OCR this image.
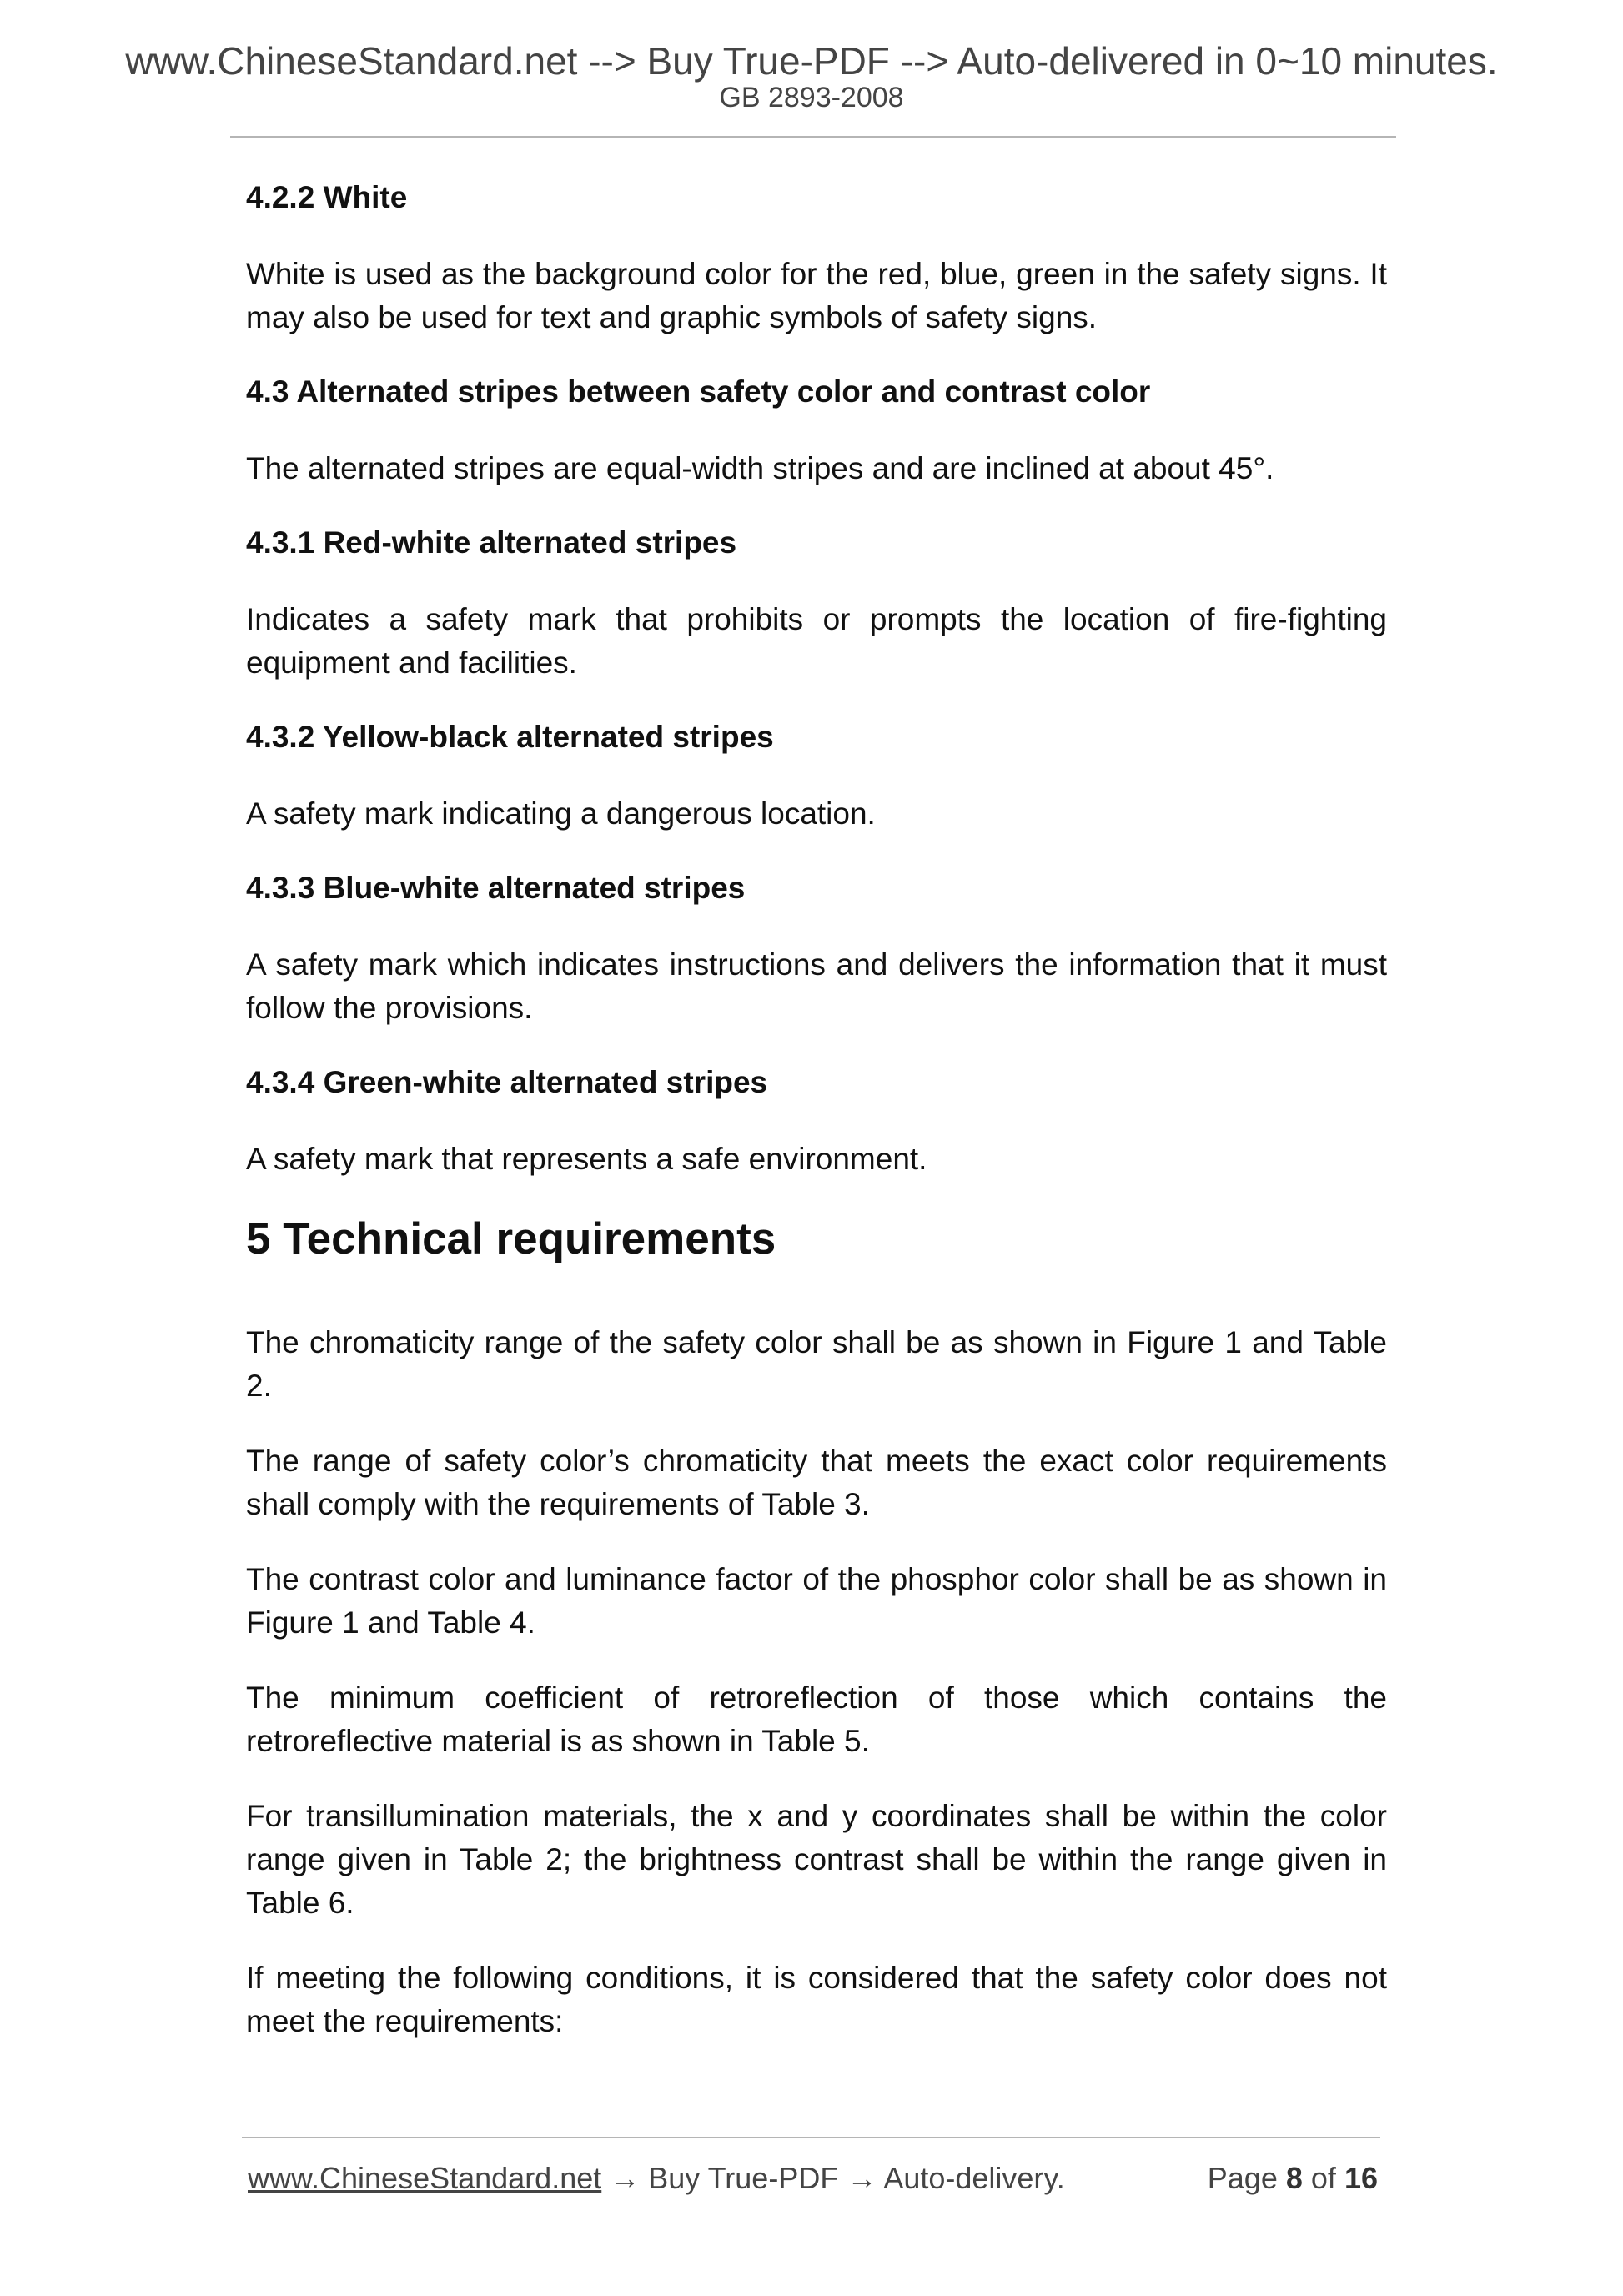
www.ChineseStandard.net --> Buy True-PDF --> Auto-delivered in 0~10 minutes.
GB 2893-2008
4.2.2 White

White is used as the background color for the red, blue, green in the safety signs. It may also be used for text and graphic symbols of safety signs.

4.3 Alternated stripes between safety color and contrast color

The alternated stripes are equal-width stripes and are inclined at about 45°.

4.3.1 Red-white alternated stripes

Indicates a safety mark that prohibits or prompts the location of fire-fighting equipment and facilities.

4.3.2 Yellow-black alternated stripes

A safety mark indicating a dangerous location.

4.3.3 Blue-white alternated stripes

A safety mark which indicates instructions and delivers the information that it must follow the provisions.

4.3.4 Green-white alternated stripes

A safety mark that represents a safe environment.

5 Technical requirements

The chromaticity range of the safety color shall be as shown in Figure 1 and Table 2.

The range of safety color’s chromaticity that meets the exact color requirements shall comply with the requirements of Table 3.

The contrast color and luminance factor of the phosphor color shall be as shown in Figure 1 and Table 4.

The minimum coefficient of retroreflection of those which contains the retroreflective material is as shown in Table 5.

For transillumination materials, the x and y coordinates shall be within the color range given in Table 2; the brightness contrast shall be within the range given in Table 6.

If meeting the following conditions, it is considered that the safety color does not meet the requirements:

www.ChineseStandard.net → Buy True-PDF → Auto-delivery.	Page 8 of 16
